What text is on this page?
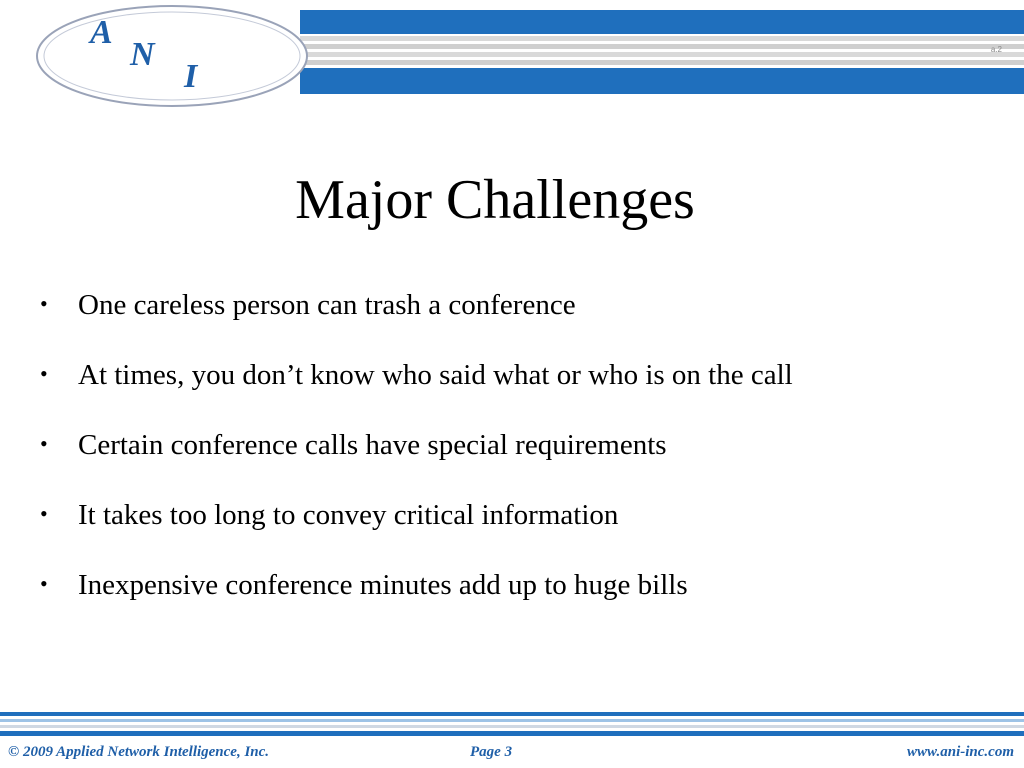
A
N
I
a.2
Major Challenges
• One careless person can trash a conference
• At times, you don’t know who said what or who is on the call
• Certain conference calls have special requirements
• It takes too long to convey critical information
• Inexpensive conference minutes add up to huge bills
© 2009 Applied Network Intelligence, Inc.	Page 3	www.ani-inc.com
